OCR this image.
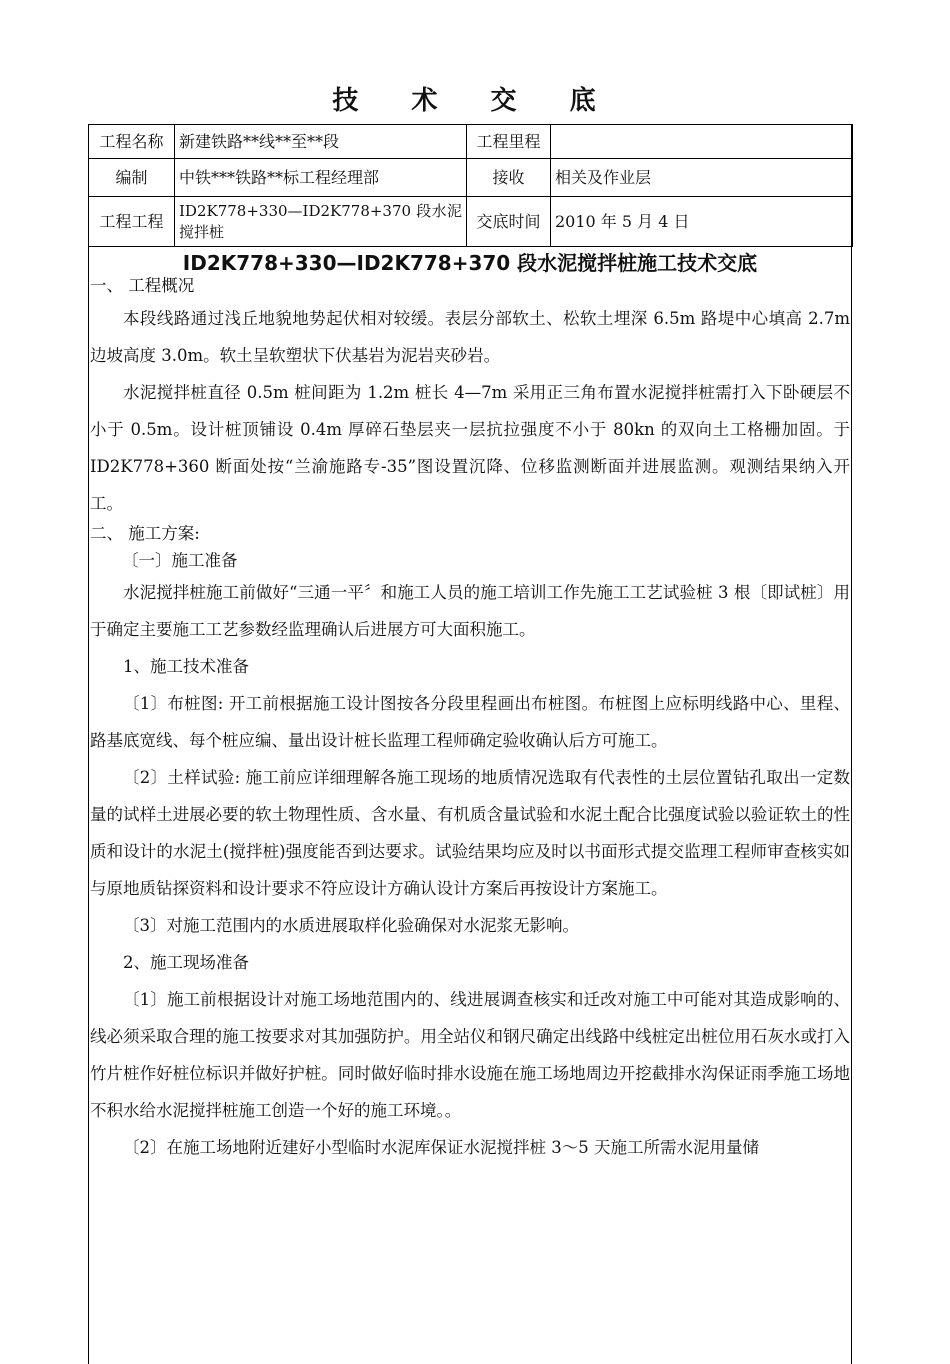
技 术 交 底
工程名称	新建铁路**线**至**段	工程里程	
编制	中铁***铁路**标工程经理部	接收	相关及作业层
工程工程	ID2K778+330—ID2K778+370 段水泥搅拌桩	交底时间	2010 年 5 月 4 日
ID2K778+330—ID2K778+370 段水泥搅拌桩施工技术交底

一、 工程概况

本段线路通过浅丘地貌地势起伏相对较缓。表层分部软土、松软土埋深 6.5m 路堤中心填高 2.7m 边坡高度 3.0m。软土呈软塑状下伏基岩为泥岩夹砂岩。

水泥搅拌桩直径 0.5m 桩间距为 1.2m 桩长 4—7m 采用正三角布置水泥搅拌桩需打入下卧硬层不小于 0.5m。设计桩顶铺设 0.4m 厚碎石垫层夹一层抗拉强度不小于 80kn 的双向土工格栅加固。于 ID2K778+360 断面处按“兰渝施路专-35”图设置沉降、位移监测断面并进展监测。观测结果纳入开工。

二、 施工方案:

〔一〕施工准备

水泥搅拌桩施工前做好“三通一平〞和施工人员的施工培训工作先施工工艺试验桩 3 根〔即试桩〕用于确定主要施工工艺参数经监理确认后进展方可大面积施工。

1、施工技术准备

〔1〕布桩图: 开工前根据施工设计图按各分段里程画出布桩图。布桩图上应标明线路中心、里程、路基底宽线、每个桩应编、量出设计桩长监理工程师确定验收确认后方可施工。

〔2〕土样试验: 施工前应详细理解各施工现场的地质情况选取有代表性的土层位置钻孔取出一定数量的试样土进展必要的软土物理性质、含水量、有机质含量试验和水泥土配合比强度试验以验证软土的性质和设计的水泥土(搅拌桩)强度能否到达要求。试验结果均应及时以书面形式提交监理工程师审查核实如与原地质钻探资料和设计要求不符应设计方确认设计方案后再按设计方案施工。

〔3〕对施工范围内的水质进展取样化验确保对水泥浆无影响。

2、施工现场准备

〔1〕施工前根据设计对施工场地范围内的、线进展调查核实和迁改对施工中可能对其造成影响的、线必须采取合理的施工按要求对其加强防护。用全站仪和钢尺确定出线路中线桩定出桩位用石灰水或打入竹片桩作好桩位标识并做好护桩。同时做好临时排水设施在施工场地周边开挖截排水沟保证雨季施工场地不积水给水泥搅拌桩施工创造一个好的施工环境。。

〔2〕在施工场地附近建好小型临时水泥库保证水泥搅拌桩 3～5 天施工所需水泥用量储
